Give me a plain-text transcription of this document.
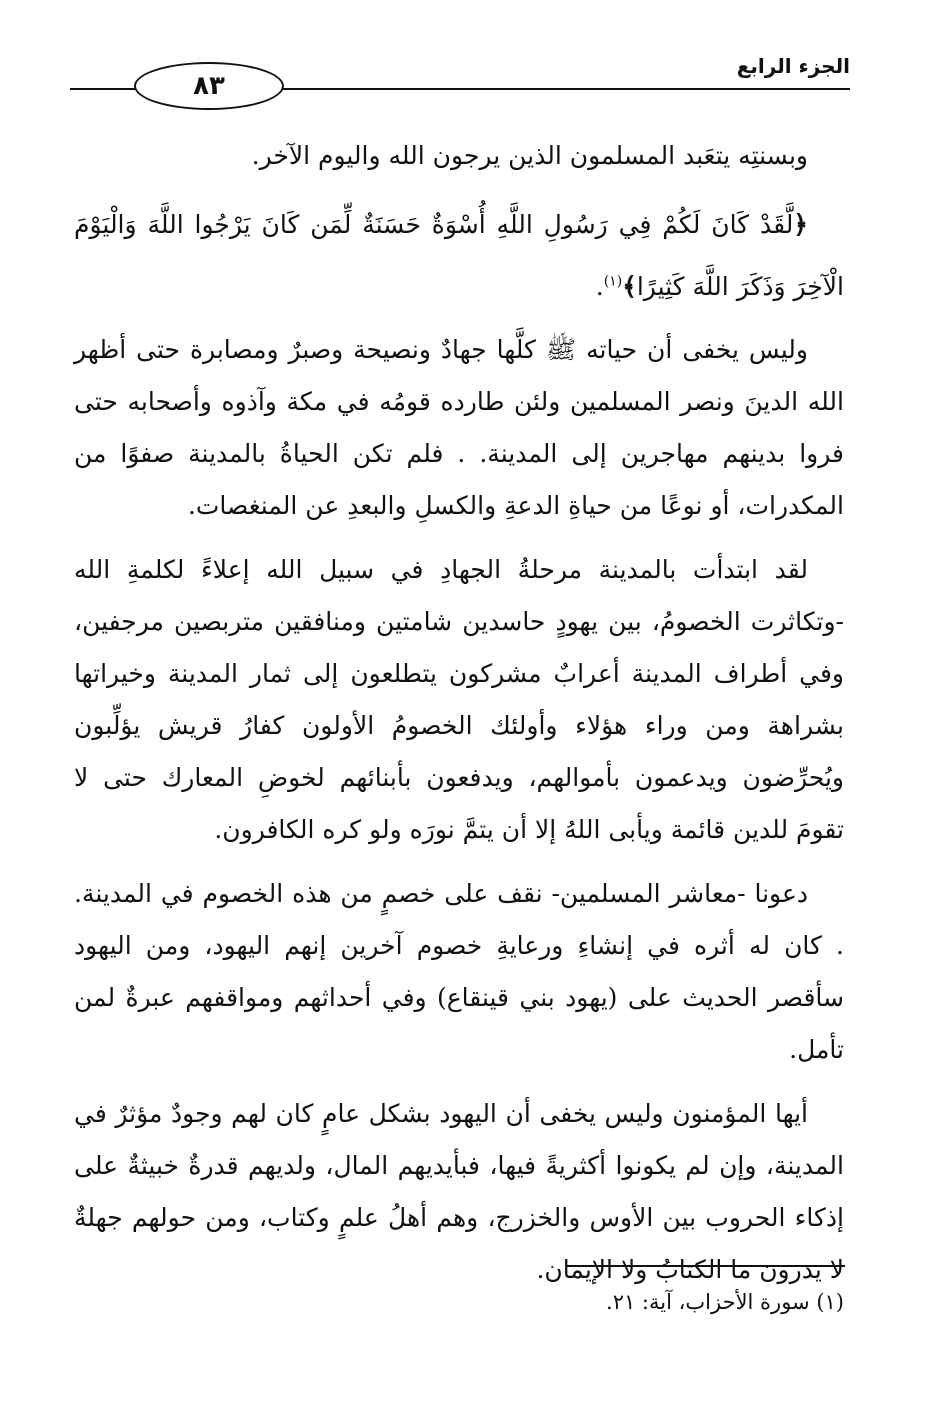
الجزء الرابع
٨٣

وبسنتِه يتعَبد المسلمون الذين يرجون الله واليوم الآخر.

﴿لَّقَدْ كَانَ لَكُمْ فِي رَسُولِ اللَّهِ أُسْوَةٌ حَسَنَةٌ لِّمَن كَانَ يَرْجُوا اللَّهَ وَالْيَوْمَ الْآخِرَ وَذَكَرَ اللَّهَ كَثِيرًا﴾$^{(١)}$.

وليس يخفى أن حياته ﷺ كلَّها جهادٌ ونصيحة وصبرٌ ومصابرة حتى أظهر الله الدينَ ونصر المسلمين ولئن طارده قومُه في مكة وآذوه وأصحابه حتى فروا بدينهم مهاجرين إلى المدينة. . فلم تكن الحياةُ بالمدينة صفوًا من المكدرات، أو نوعًا من حياةِ الدعةِ والكسلِ والبعدِ عن المنغصات.

لقد ابتدأت بالمدينة مرحلةُ الجهادِ في سبيل الله إعلاءً لكلمةِ الله -وتكاثرت الخصومُ، بين يهودٍ حاسدين شامتين ومنافقين متربصين مرجفين، وفي أطراف المدينة أعرابٌ مشركون يتطلعون إلى ثمار المدينة وخيراتها بشراهة ومن وراء هؤلاء وأولئك الخصومُ الأولون كفارُ قريش يؤلِّبون ويُحرِّضون ويدعمون بأموالهم، ويدفعون بأبنائهم لخوضِ المعارك حتى لا تقومَ للدين قائمة ويأبى اللهُ إلا أن يتمَّ نورَه ولو كره الكافرون.

دعونا -معاشر المسلمين- نقف على خصمٍ من هذه الخصوم في المدينة. . كان له أثره في إنشاءِ ورعايةِ خصوم آخرين إنهم اليهود، ومن اليهود سأقصر الحديث على (يهود بني قينقاع) وفي أحداثهم ومواقفهم عبرةٌ لمن تأمل.

أيها المؤمنون وليس يخفى أن اليهود بشكل عامٍ كان لهم وجودٌ مؤثرٌ في المدينة، وإن لم يكونوا أكثريةً فيها، فبأيديهم المال، ولديهم قدرةٌ خبيثةٌ على إذكاء الحروب بين الأوس والخزرج، وهم أهلُ علمٍ وكتاب، ومن حولهم جهلةٌ لا يدرون ما الكتابُ ولا الإيمان.

(١) سورة الأحزاب، آية: ٢١.
